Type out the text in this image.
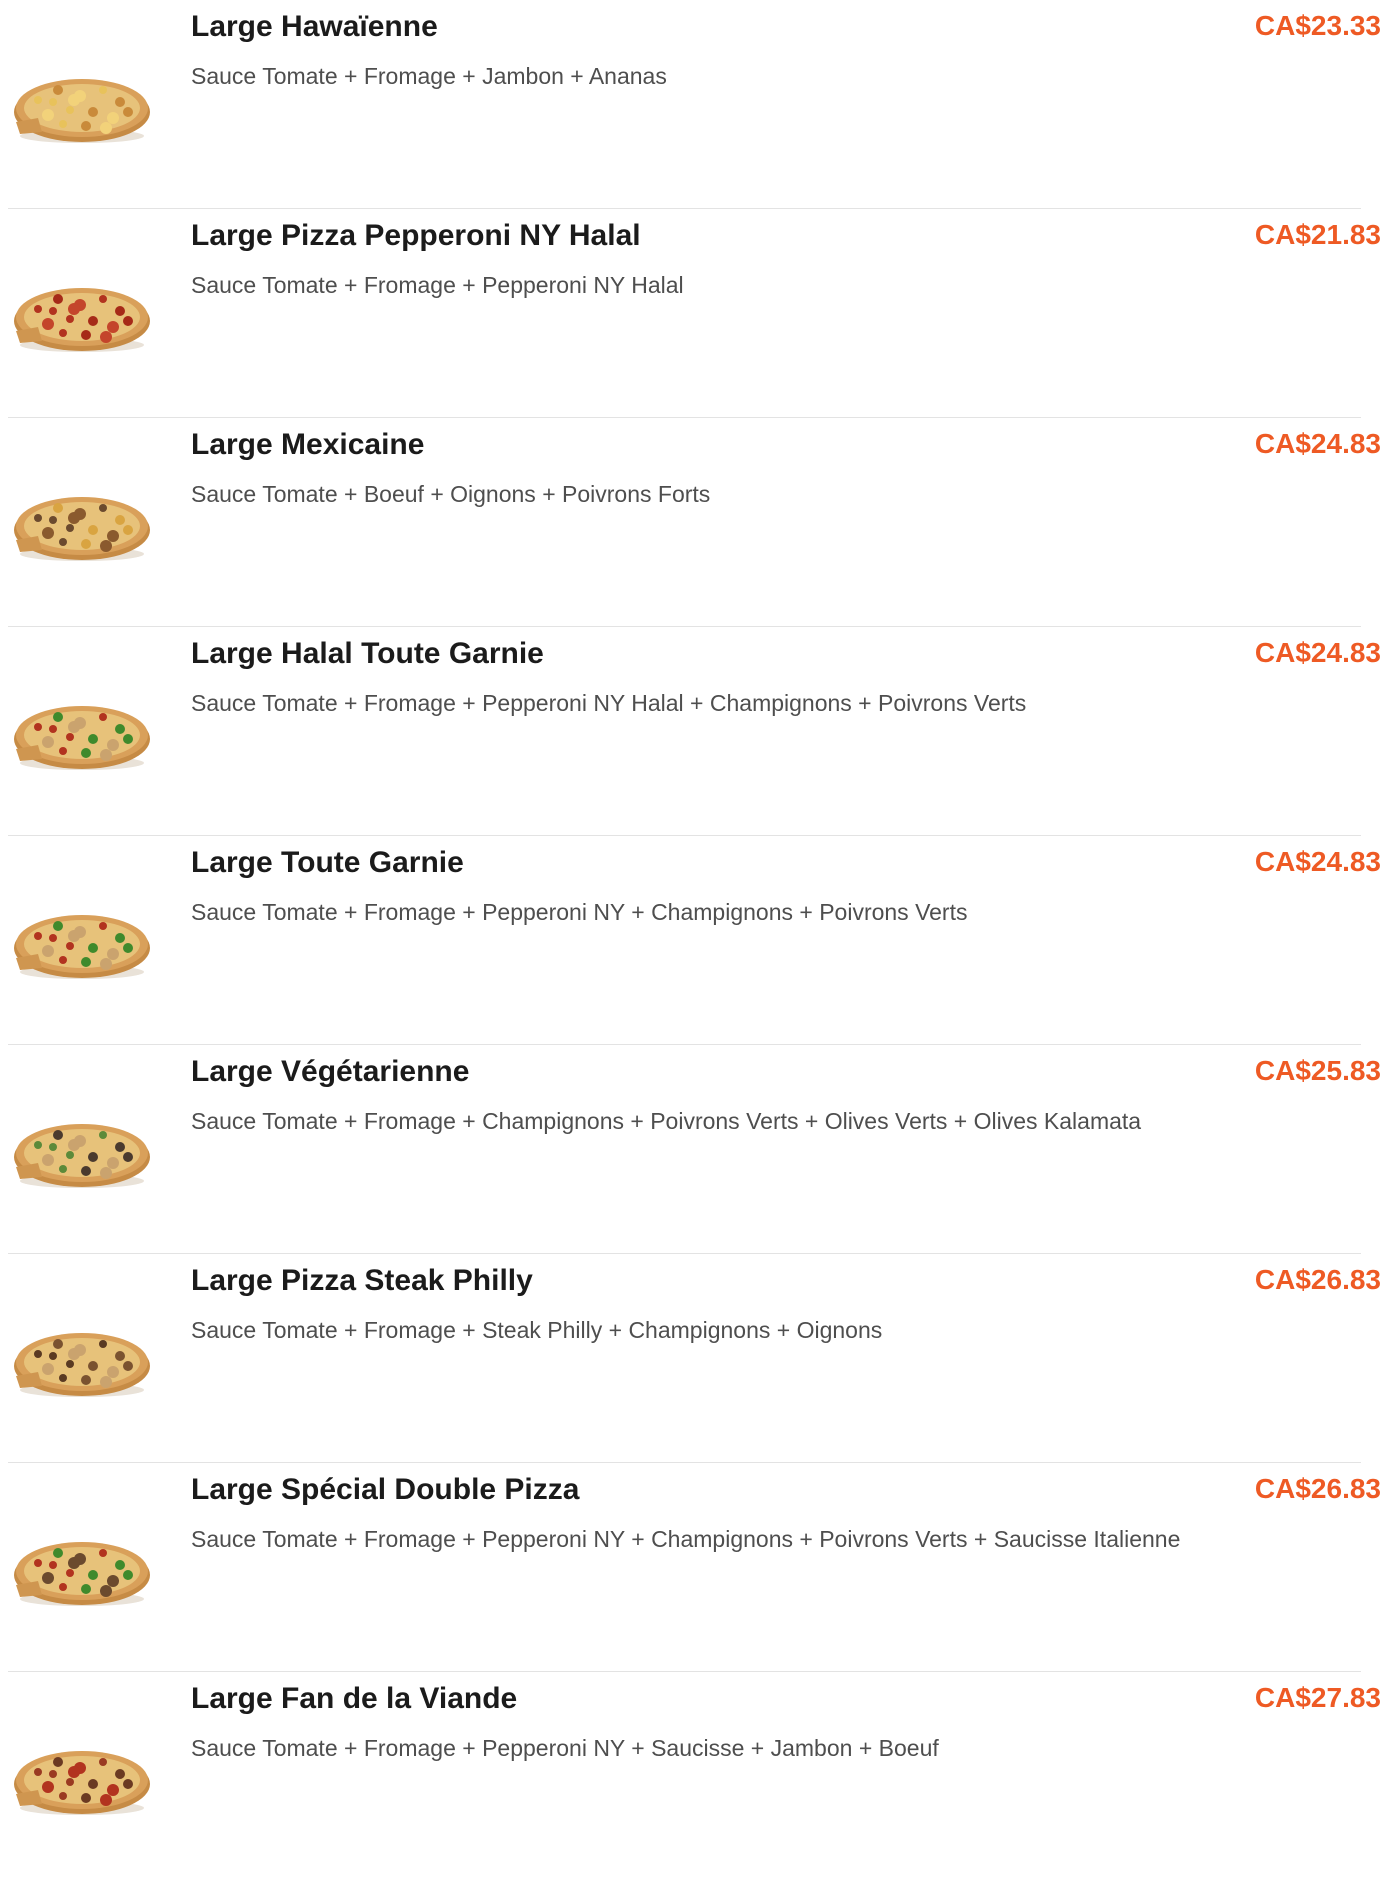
Large Hawaïenne
Sauce Tomate + Fromage + Jambon + Ananas
CA$23.33
Large Pizza Pepperoni NY Halal
Sauce Tomate + Fromage + Pepperoni NY Halal
CA$21.83
Large Mexicaine
Sauce Tomate + Boeuf + Oignons + Poivrons Forts
CA$24.83
Large Halal Toute Garnie
Sauce Tomate + Fromage + Pepperoni NY Halal + Champignons + Poivrons Verts
CA$24.83
Large Toute Garnie
Sauce Tomate + Fromage + Pepperoni NY + Champignons + Poivrons Verts
CA$24.83
Large Végétarienne
Sauce Tomate + Fromage + Champignons + Poivrons Verts + Olives Verts + Olives Kalamata
CA$25.83
Large Pizza Steak Philly
Sauce Tomate + Fromage + Steak Philly + Champignons + Oignons
CA$26.83
Large Spécial Double Pizza
Sauce Tomate + Fromage + Pepperoni NY + Champignons + Poivrons Verts + Saucisse Italienne
CA$26.83
Large Fan de la Viande
Sauce Tomate + Fromage + Pepperoni NY + Saucisse + Jambon + Boeuf
CA$27.83
